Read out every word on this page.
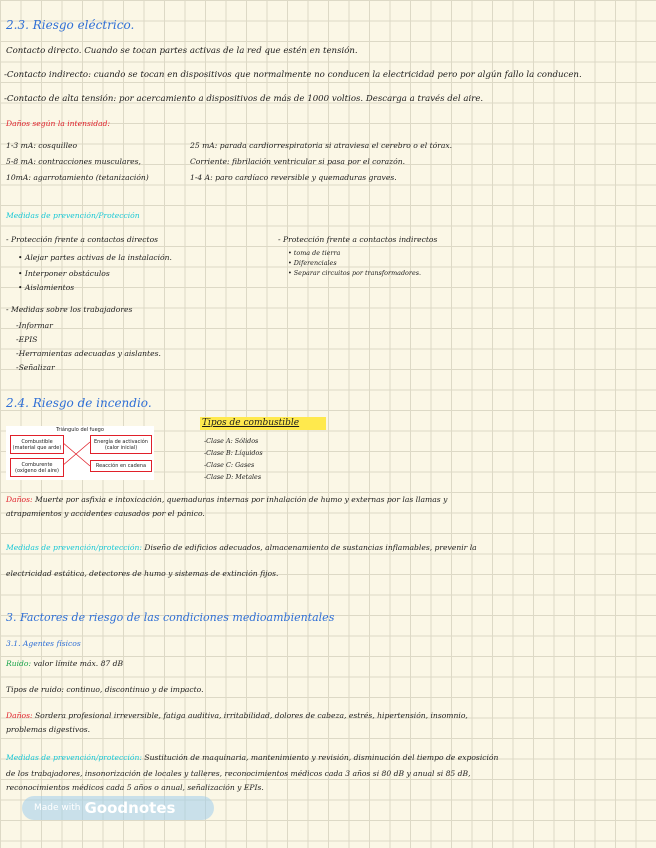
2.3. Riesgo eléctrico.
Contacto directo. Cuando se tocan partes activas de la red que estén en tensión.
-Contacto indirecto: cuando se tocan en dispositivos que normalmente no conducen la electricidad pero por algún fallo la conducen.
-Contacto de alta tensión: por acercamiento a dispositivos de más de 1000 voltios. Descarga a través del aire.
Daños según la intensidad:
1-3 mA: cosquilleo
5-8 mA: contracciones musculares,
10mA: agarrotamiento (tetanización)
25 mA: parada cardiorrespiratoria si atraviesa el cerebro o el tórax.
Corriente: fibrilación ventricular si pasa por el corazón.
1-4 A: paro cardíaco reversible y quemaduras graves.
Medidas de prevención/Protección
- Protección frente a contactos directos
• Alejar partes activas de la instalación.
• Interponer obstáculos
• Aislamientos
- Protección frente a contactos indirectos
• toma de tierra
• Diferenciales
• Separar circuitos por transformadores.
- Medidas sobre los trabajadores
-Informar
-EPIS
-Herramientas adecuadas y aislantes.
-Señalizar
2.4. Riesgo de incendio.
Triángulo del fuego
Combustible (material que arde)
Energía de activación (calor inicial)
Comburente (oxígeno del aire)
Reacción en cadena
Tipos de combustible
-Clase A: Sólidos
-Clase B: Líquidos
-Clase C: Gases
-Clase D: Metales
Daños: Muerte por asfixia e intoxicación, quemaduras internas por inhalación de humo y externas por las llamas y
atrapamientos y accidentes causados por el pánico.
Medidas de prevención/protección: Diseño de edificios adecuados, almacenamiento de sustancias inflamables, prevenir la
electricidad estática, detectores de humo y sistemas de extinción fijos.
3. Factores de riesgo de las condiciones medioambientales
3.1. Agentes físicos
Ruido: valor límite máx. 87 dB
Tipos de ruido: continuo, discontinuo y de impacto.
Daños: Sordera profesional irreversible, fatiga auditiva, irritabilidad, dolores de cabeza, estrés, hipertensión, insomnio,
problemas digestivos.
Medidas de prevención/protección: Sustitución de maquinaria, mantenimiento y revisión, disminución del tiempo de exposición
de los trabajadores, insonorización de locales y talleres, reconocimientos médicos cada 3 años si 80 dB y anual si 85 dB,
reconocimientos médicos cada 5 años o anual, señalización y EPIs.
Made with Goodnotes
